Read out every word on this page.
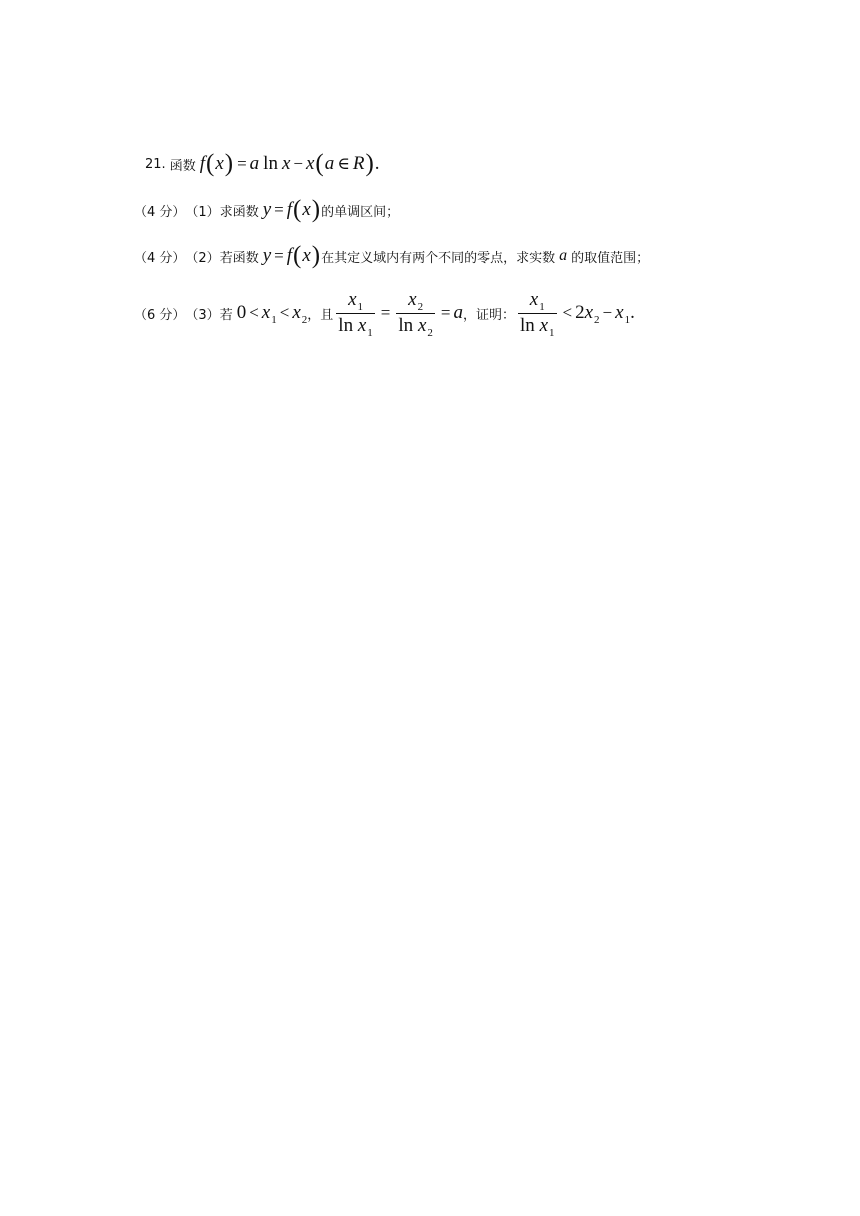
21 . 函数 f ( x ) = a ln x − x ( a ∈ R ) .
（4 分） （1） 求函数 y = f ( x ) 的单调区间；
（4 分） （2） 若函数 y = f ( x ) 在其定义域内有两个不同的零点，求实数 a 的取值范围；
（6 分） （3） 若 $0 < x_1 < x_2$ ， 且 $\frac{x_1}{\ln x_1} = \frac{x_2}{\ln x_2} = a$ ， 证明： $\frac{x_1}{\ln x_1} < 2$ $x_2 - x_1$ .
